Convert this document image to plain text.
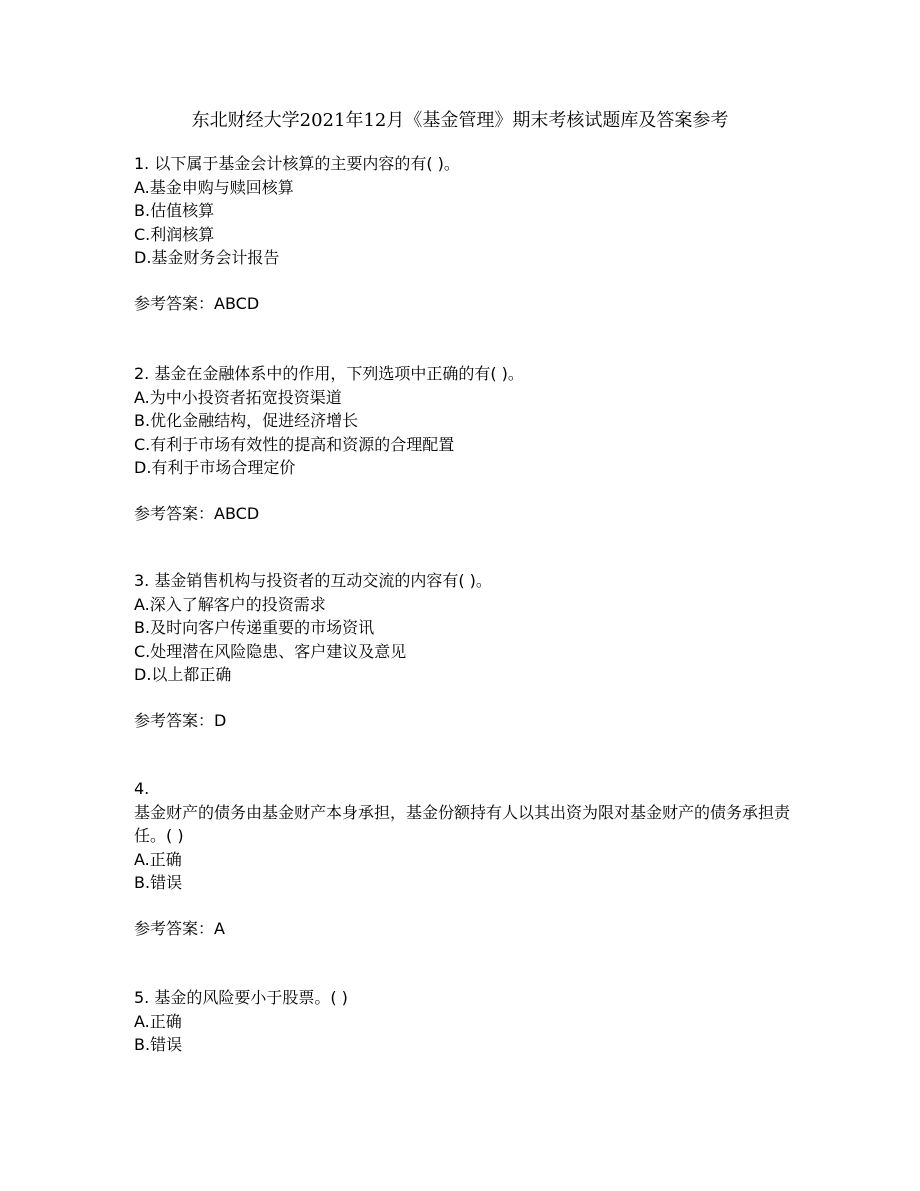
东北财经大学2021年12月《基金管理》期末考核试题库及答案参考

1. 以下属于基金会计核算的主要内容的有( )。

A.基金申购与赎回核算

B.估值核算

C.利润核算

D.基金财务会计报告

参考答案：ABCD

2. 基金在金融体系中的作用，下列选项中正确的有( )。

A.为中小投资者拓宽投资渠道

B.优化金融结构，促进经济增长

C.有利于市场有效性的提高和资源的合理配置

D.有利于市场合理定价

参考答案：ABCD

3. 基金销售机构与投资者的互动交流的内容有( )。

A.深入了解客户的投资需求

B.及时向客户传递重要的市场资讯

C.处理潜在风险隐患、客户建议及意见

D.以上都正确

参考答案：D

4.

基金财产的债务由基金财产本身承担，基金份额持有人以其出资为限对基金财产的债务承担责任。( )

A.正确

B.错误

参考答案：A

5. 基金的风险要小于股票。( )

A.正确

B.错误
